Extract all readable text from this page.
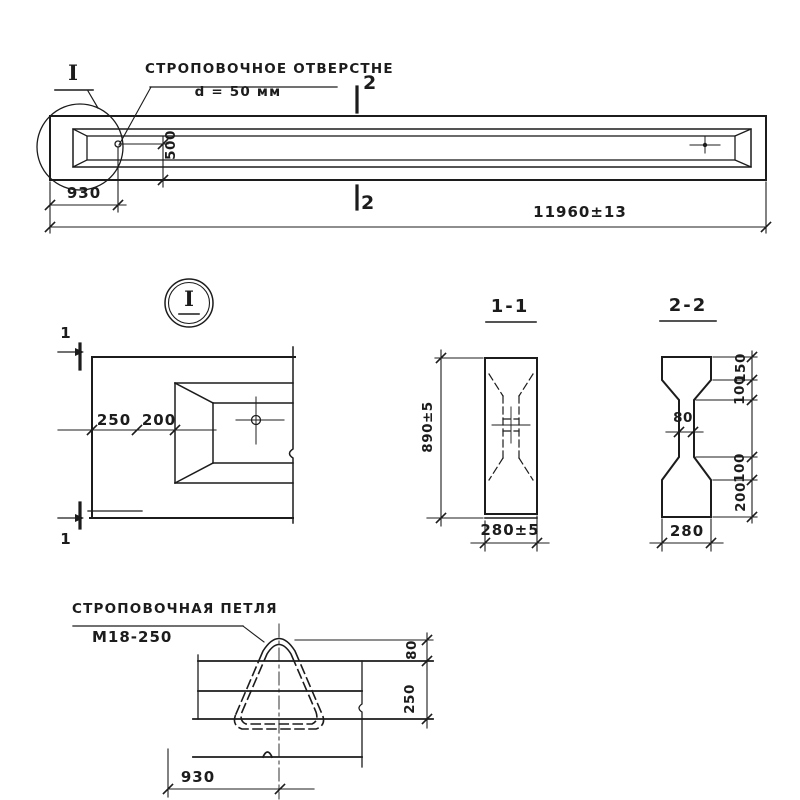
I	СТРОПОВОЧНОЕ ОТВЕРСТНЕ
d = 50 мм	2
2
930
500
11960±13
I
1
1
250 200
1-1
890±5
280±5
2-2
150
100
80
100
200
280
СТРОПОВОЧНАЯ ПЕТЛЯ
М18-250
80
250
930
